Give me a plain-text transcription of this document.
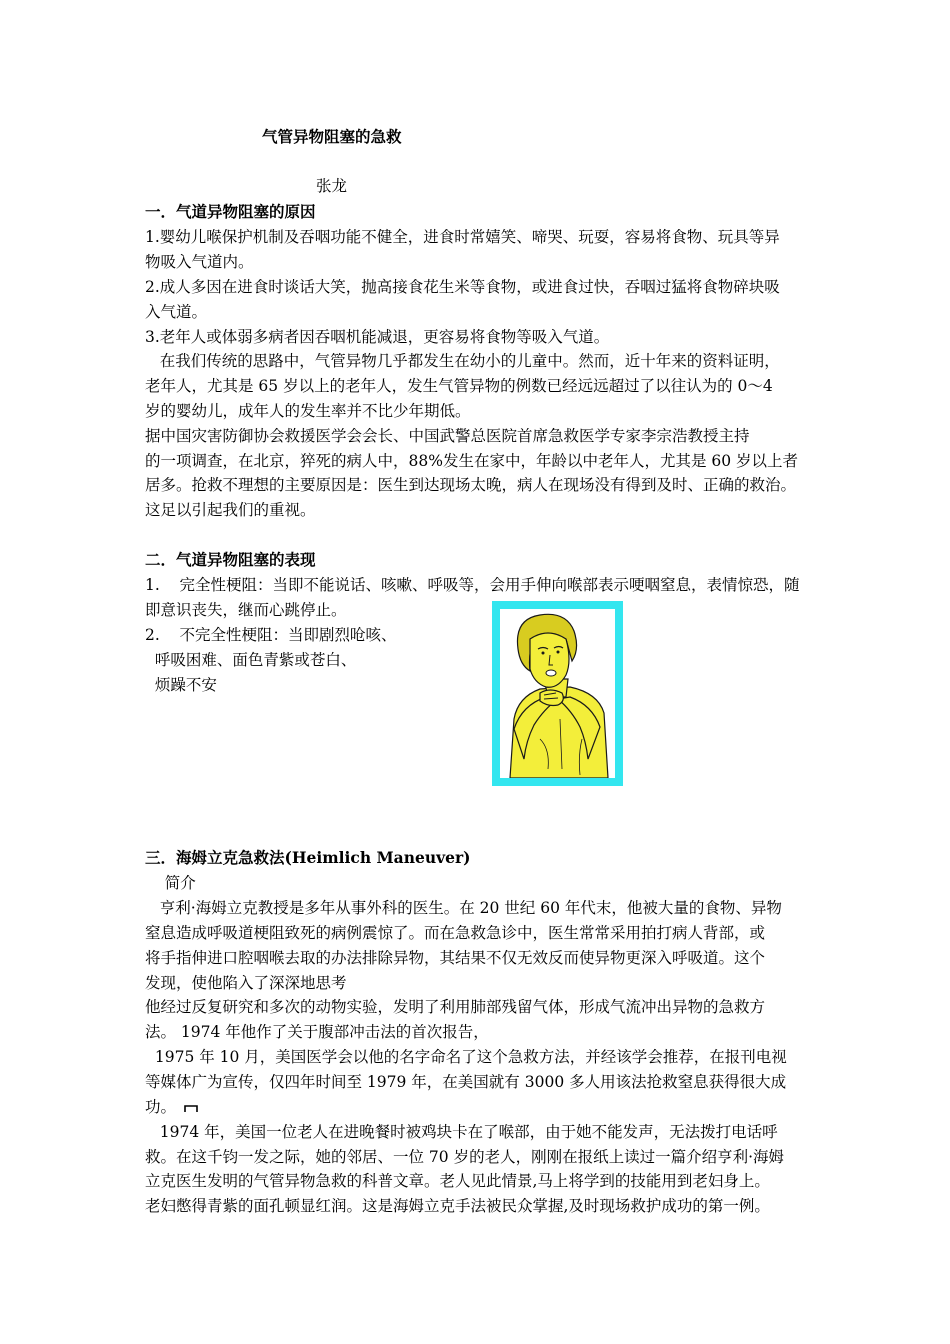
气管异物阻塞的急救
张龙
一．气道异物阻塞的原因
1.婴幼儿喉保护机制及吞咽功能不健全，进食时常嬉笑、啼哭、玩耍，容易将食物、玩具等异
物吸入气道内。
2.成人多因在进食时谈话大笑，抛高接食花生米等食物，或进食过快，吞咽过猛将食物碎块吸
入气道。
3.老年人或体弱多病者因吞咽机能减退，更容易将食物等吸入气道。
在我们传统的思路中，气管异物几乎都发生在幼小的儿童中。然而，近十年来的资料证明，
老年人，尤其是 65 岁以上的老年人，发生气管异物的例数已经远远超过了以往认为的 0～4
岁的婴幼儿，成年人的发生率并不比少年期低。
据中国灾害防御协会救援医学会会长、中国武警总医院首席急救医学专家李宗浩教授主持
的一项调查，在北京，猝死的病人中，88%发生在家中，年龄以中老年人，尤其是 60 岁以上者
居多。抢救不理想的主要原因是：医生到达现场太晚，病人在现场没有得到及时、正确的救治。
这足以引起我们的重视。
二．气道异物阻塞的表现
1.    完全性梗阻：当即不能说话、咳嗽、呼吸等，会用手伸向喉部表示哽咽窒息，表情惊恐，随
即意识丧失，继而心跳停止。
2.    不完全性梗阻：当即剧烈呛咳、
呼吸困难、面色青紫或苍白、
烦躁不安
三．海姆立克急救法(Heimlich Maneuver)
简介
亨利·海姆立克教授是多年从事外科的医生。在 20 世纪 60 年代末，他被大量的食物、异物
窒息造成呼吸道梗阻致死的病例震惊了。而在急救急诊中，医生常常采用拍打病人背部，或
将手指伸进口腔咽喉去取的办法排除异物，其结果不仅无效反而使异物更深入呼吸道。这个
发现，使他陷入了深深地思考
他经过反复研究和多次的动物实验，发明了利用肺部残留气体，形成气流冲出异物的急救方
法。 1974 年他作了关于腹部冲击法的首次报告，
1975 年 10 月，美国医学会以他的名字命名了这个急救方法，并经该学会推荐，在报刊电视
等媒体广为宣传，仅四年时间至 1979 年，在美国就有 3000 多人用该法抢救窒息获得很大成
功。
1974 年，美国一位老人在进晚餐时被鸡块卡在了喉部，由于她不能发声，无法拨打电话呼
救。在这千钧一发之际，她的邻居、一位 70 岁的老人，刚刚在报纸上读过一篇介绍亨利·海姆
立克医生发明的气管异物急救的科普文章。老人见此情景,马上将学到的技能用到老妇身上。
老妇憋得青紫的面孔顿显红润。这是海姆立克手法被民众掌握,及时现场救护成功的第一例。
